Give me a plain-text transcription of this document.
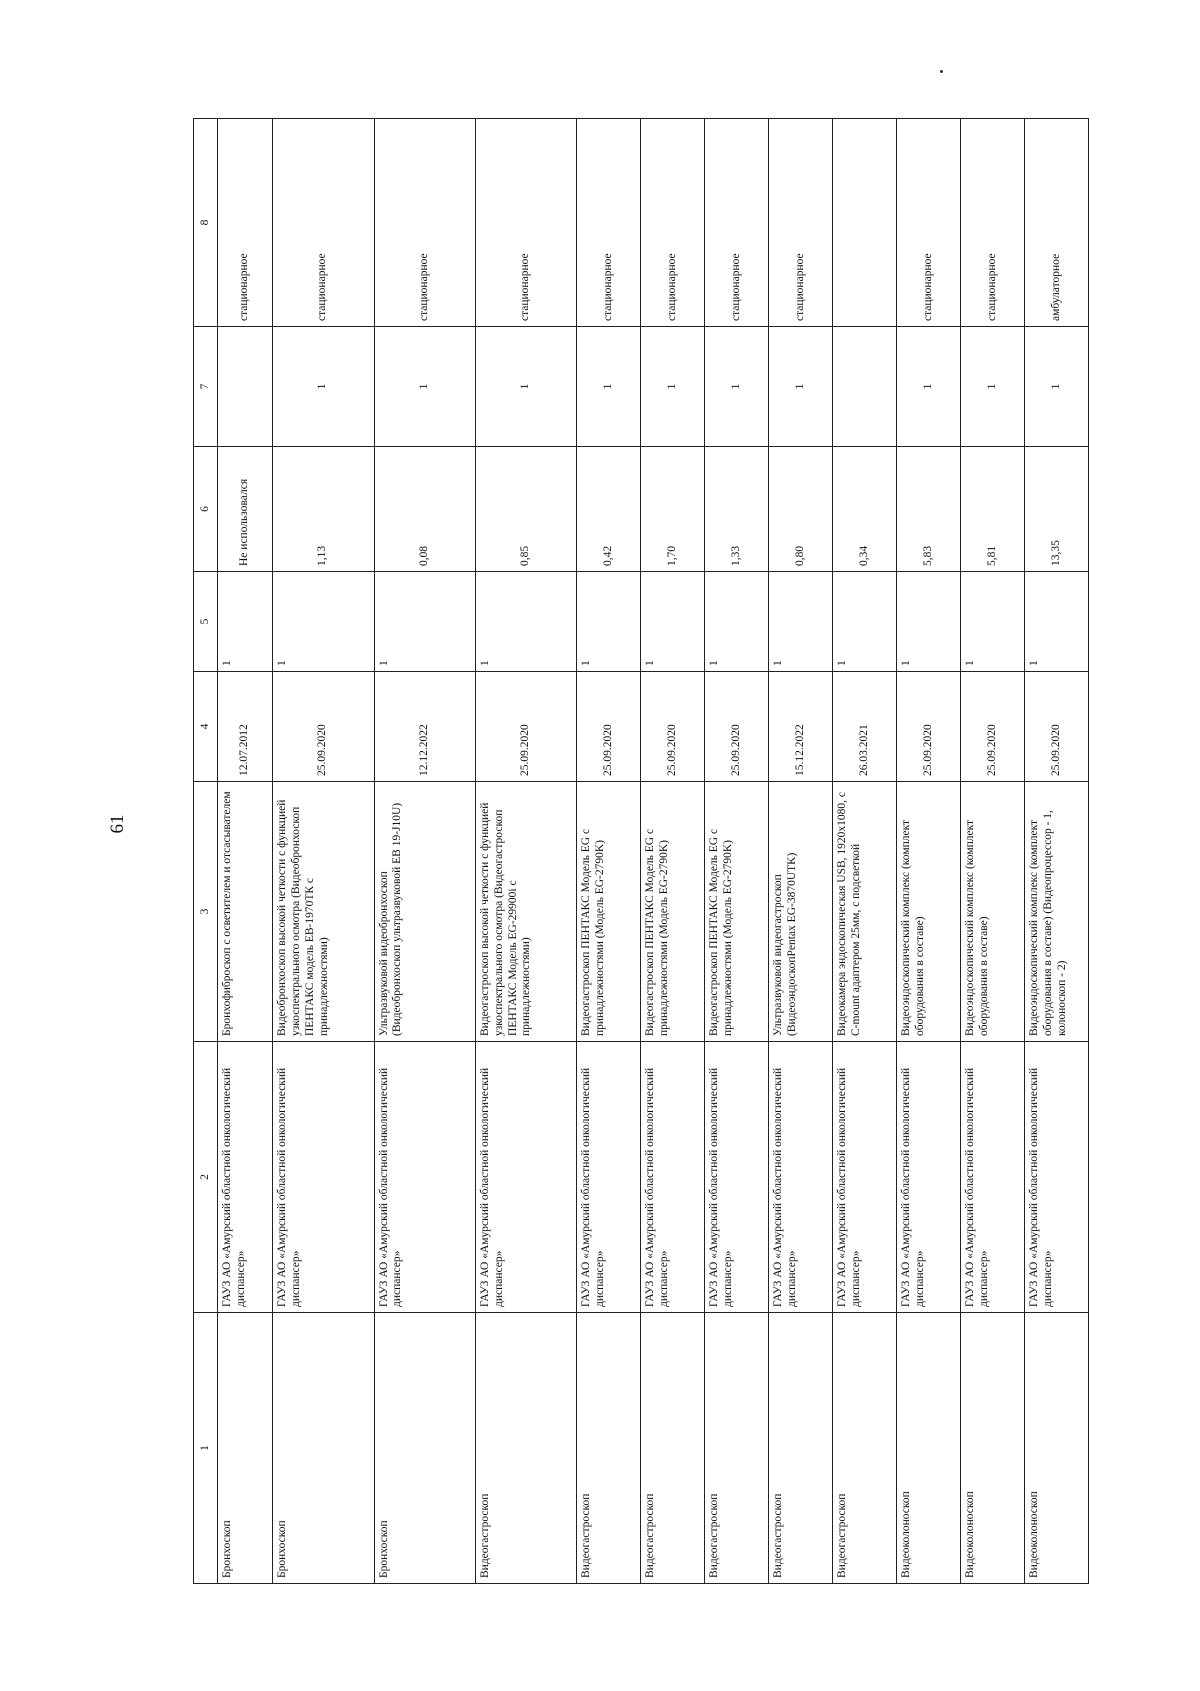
61
1	2	3	4	5	6	7	8
Бронхоскоп	ГАУЗ АО «Амурский областной онкологический диспансер»	Бронхофиброскоп с осветителем и отсасывателем	12.07.2012	1	Не использовался		стационарное
Бронхоскоп	ГАУЗ АО «Амурский областной онкологический диспансер»	Видеобронхоскоп высокой четкости с функцией узкоспектрального осмотра (Видеобронхоскоп ПЕНТАКС модель ЕВ-1970ТК с принадлежностями)	25.09.2020	1	1,13	1	стационарное
Бронхоскоп	ГАУЗ АО «Амурский областной онкологический диспансер»	Ультразвуковой видеобронхоскоп (Видеобронхоскоп ультразвуковой ЕВ 19-J10U)	12.12.2022	1	0,08	1	стационарное
Видеогастроскоп	ГАУЗ АО «Амурский областной онкологический диспансер»	Видеогастроскоп высокой четкости с функцией узкоспектрального осмотра (Видеогастроскоп ПЕНТАКС Модель EG-29900i с принадлежностями)	25.09.2020	1	0,85	1	стационарное
Видеогастроскоп	ГАУЗ АО «Амурский областной онкологический диспансер»	Видеогастроскоп ПЕНТАКС Модель EG с принадлежностями (Модель EG-2790K)	25.09.2020	1	0,42	1	стационарное
Видеогастроскоп	ГАУЗ АО «Амурский областной онкологический диспансер»	Видеогастроскоп ПЕНТАКС Модель EG с принадлежностями (Модель EG-2790K)	25.09.2020	1	1,70	1	стационарное
Видеогастроскоп	ГАУЗ АО «Амурский областной онкологический диспансер»	Видеогастроскоп ПЕНТАКС Модель EG с принадлежностями (Модель EG-2790K)	25.09.2020	1	1,33	1	стационарное
Видеогастроскоп	ГАУЗ АО «Амурский областной онкологический диспансер»	Ультразвуковой видеогастроскоп (ВидеоэндоскопPentax EG-3870UTK)	15.12.2022	1	0,80	1	стационарное
Видеогастроскоп	ГАУЗ АО «Амурский областной онкологический диспансер»	Видеокамера эндоскопическая USB, 1920х1080, с C-mount адаптером 25мм, с подсветкой	26.03.2021	1	0,34		
Видеоколоноскоп	ГАУЗ АО «Амурский областной онкологический диспансер»	Видеоэндоскопический комплекс (комплект оборудования в составе)	25.09.2020	1	5,83	1	стационарное
Видеоколоноскоп	ГАУЗ АО «Амурский областной онкологический диспансер»	Видеоэндоскопический комплекс (комплект оборудования в составе)	25.09.2020	1	5,81	1	стационарное
Видеоколоноскоп	ГАУЗ АО «Амурский областной онкологический диспансер»	Видеоэндоскопический комплекс (комплект оборудования в составе) (Видеопроцессор - 1, колоноскоп - 2)	25.09.2020	1	13,35	1	амбулаторное
